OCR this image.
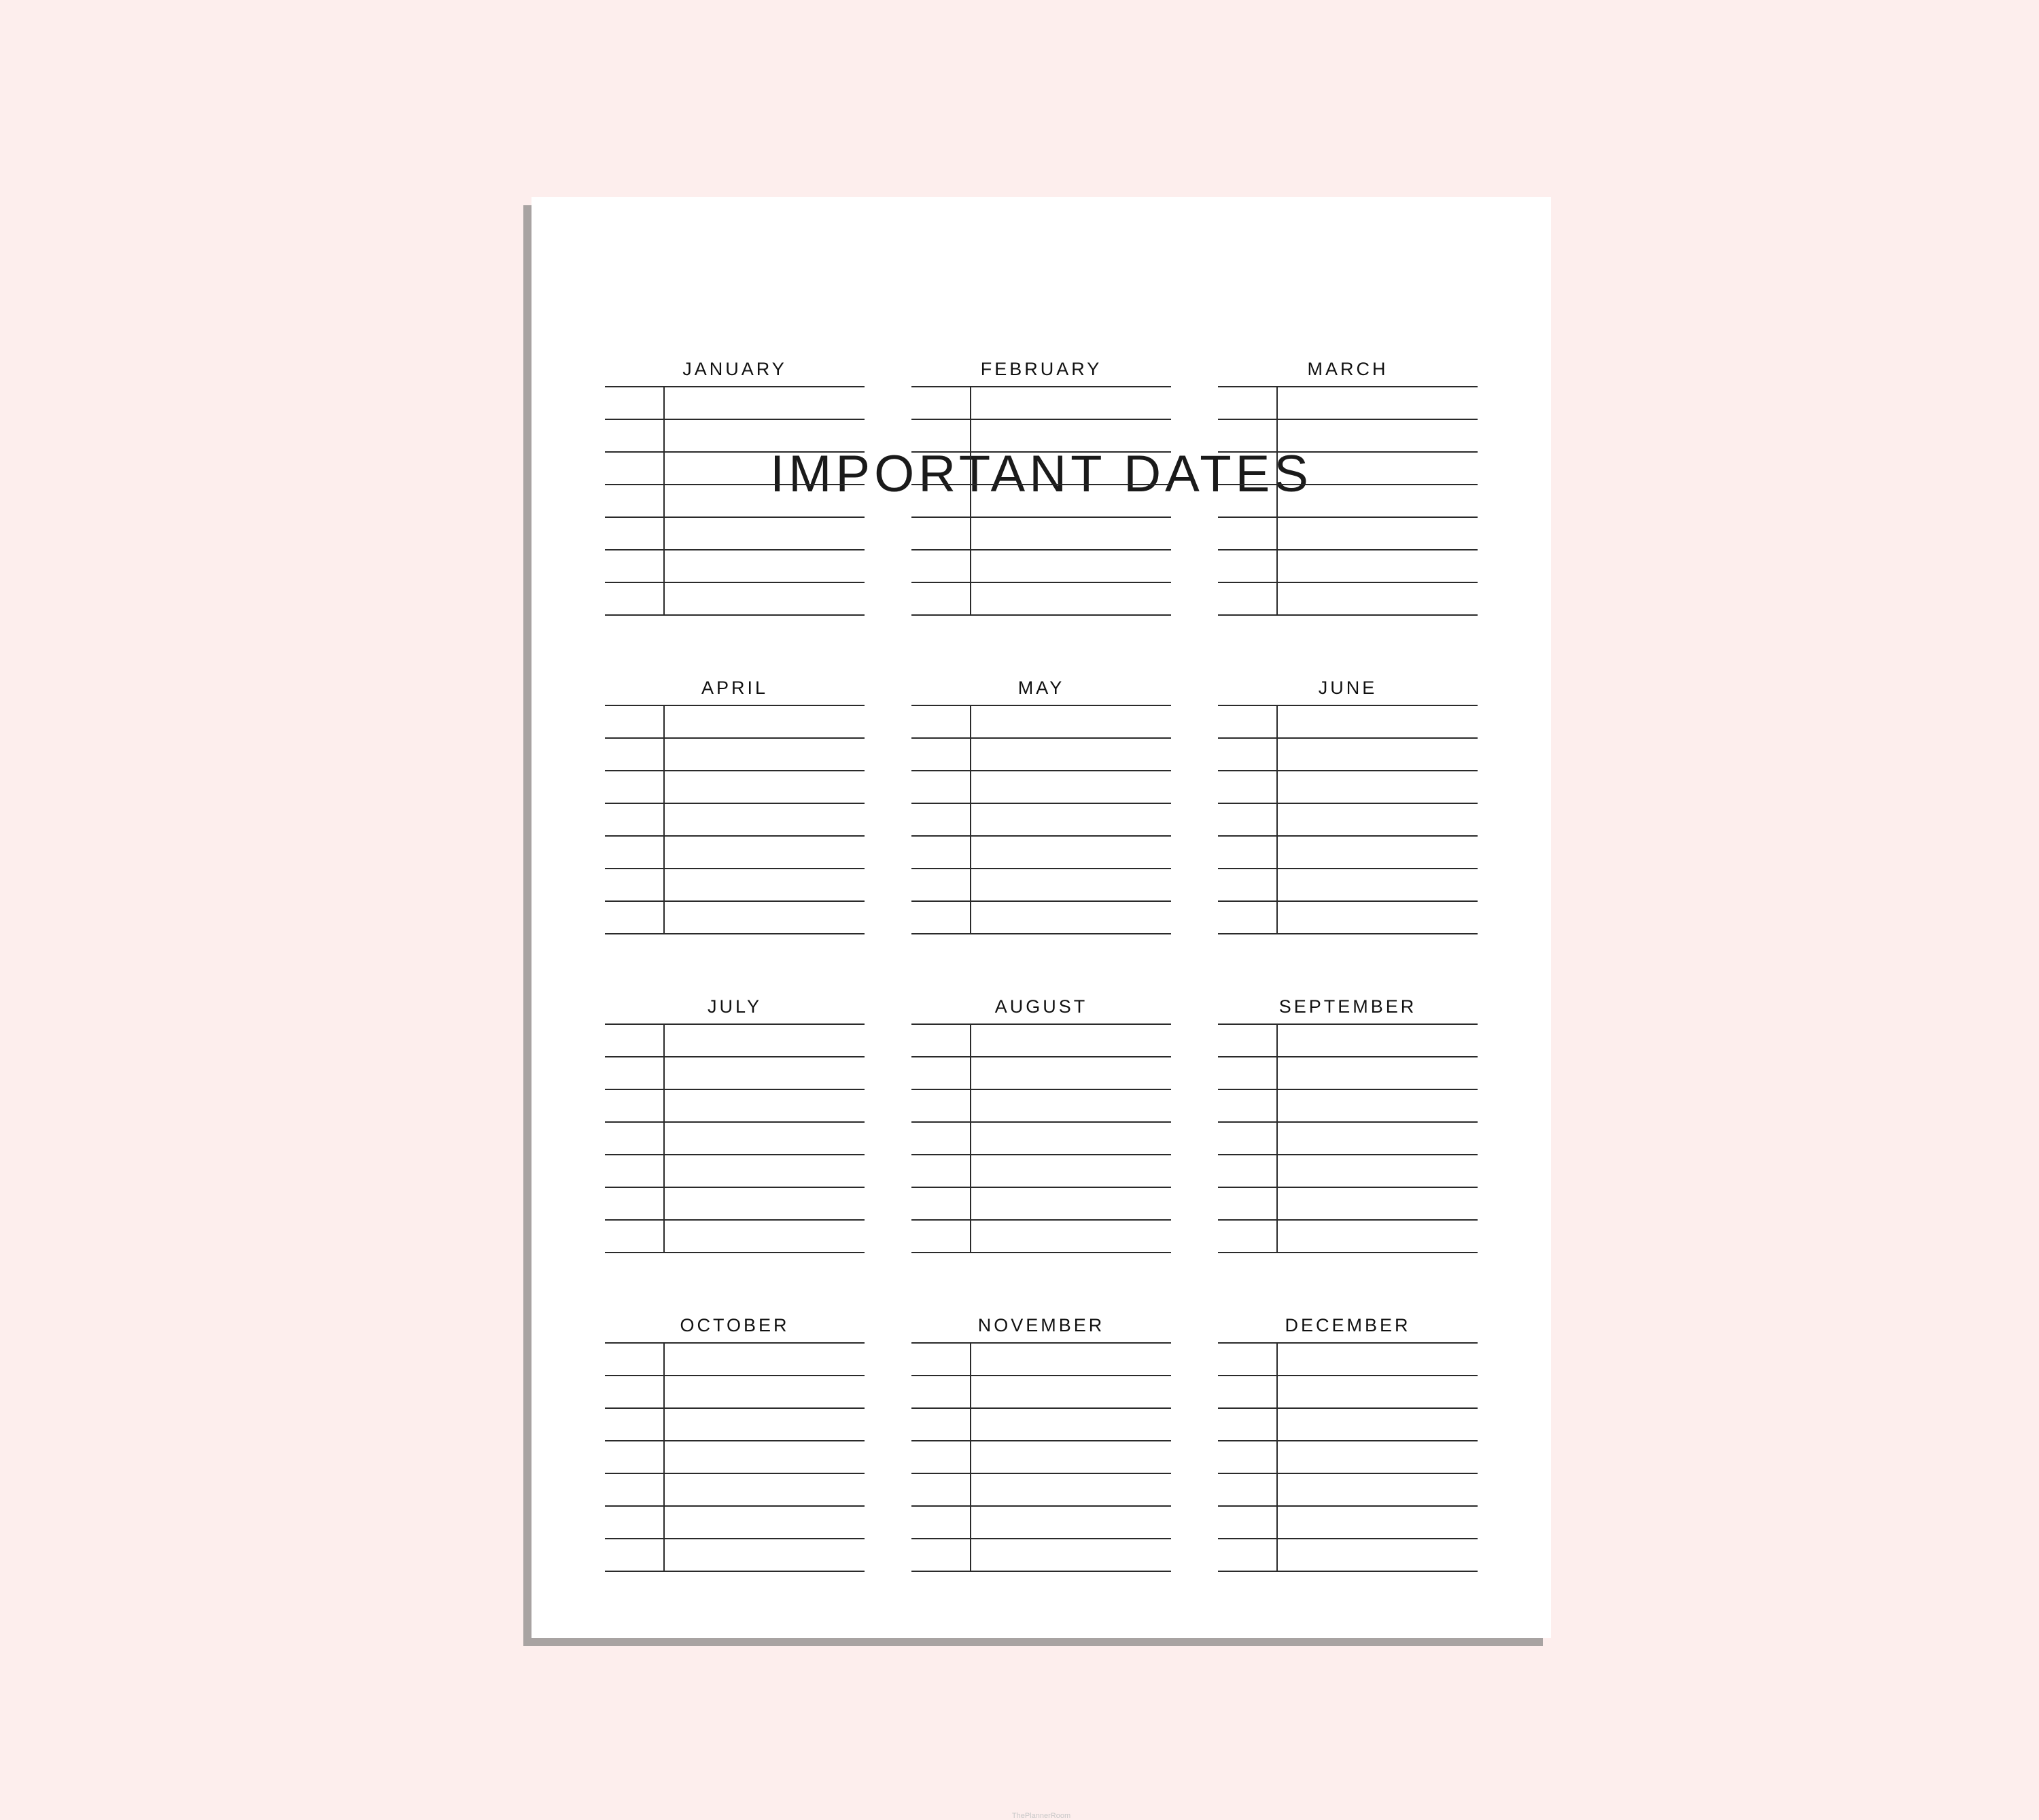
IMPORTANT DATES
JANUARY	FEBRUARY	MARCH
APRIL	MAY	JUNE
JULY	AUGUST	SEPTEMBER
OCTOBER	NOVEMBER	DECEMBER
ThePlannerRoom
